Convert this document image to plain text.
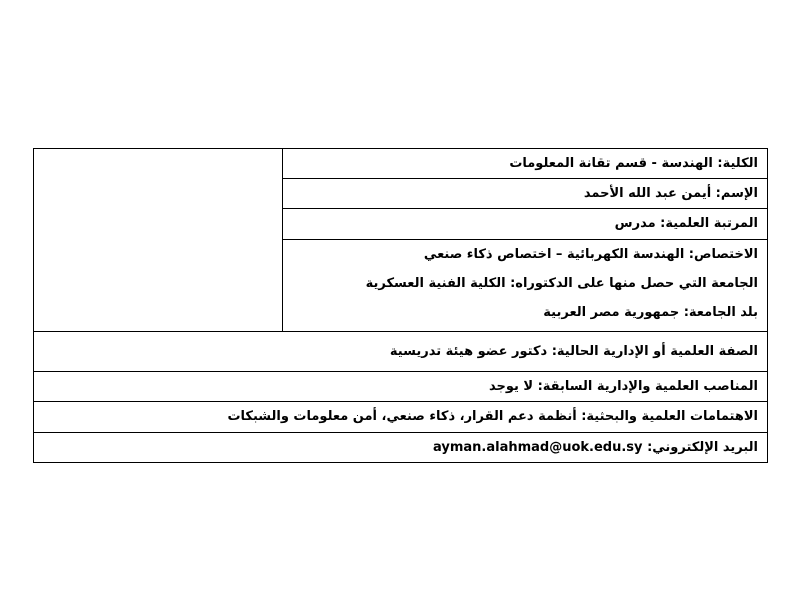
الكلية: الهندسة - قسم تقانة المعلومات	
الإسم: أيمن عبد الله الأحمد
المرتبة العلمية: مدرس

الاختصاص: الهندسة الكهربائية – اختصاص ذكاء صنعي
الجامعة التي حصل منها على الدكتوراه: الكلية الفنية العسكرية
بلد الجامعة: جمهورية مصر العربية

الصفة العلمية أو الإدارية الحالية: دكتور عضو هيئة تدريسية
المناصب العلمية والإدارية السابقة: لا يوجد
الاهتمامات العلمية والبحثية: أنظمة دعم القرار، ذكاء صنعي، أمن معلومات والشبكات
البريد الإلكتروني: ayman.alahmad@uok.edu.sy
